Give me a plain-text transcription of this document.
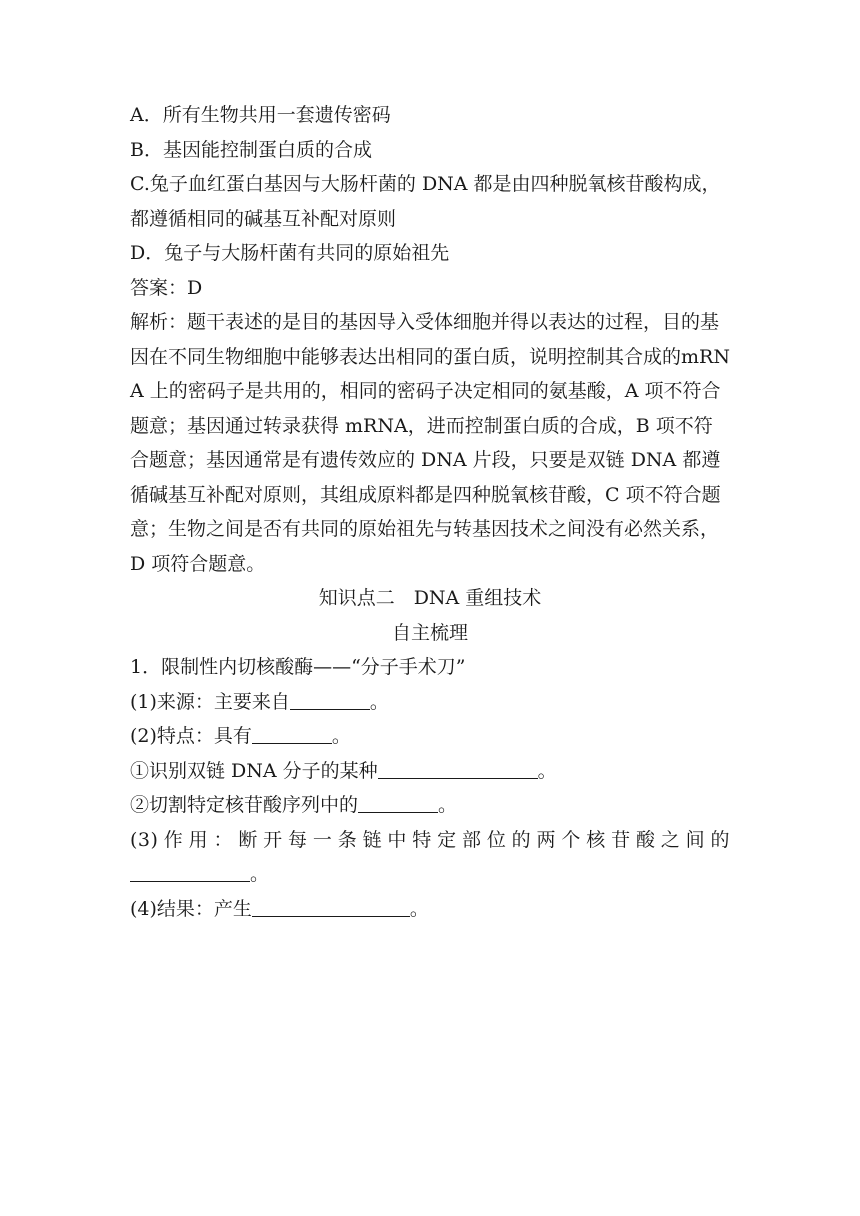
A．所有生物共用一套遗传密码

B．基因能控制蛋白质的合成

C.兔子血红蛋白基因与大肠杆菌的 DNA 都是由四种脱氧核苷酸构成，都遵循相同的碱基互补配对原则

D．兔子与大肠杆菌有共同的原始祖先

答案：D

解析：题干表述的是目的基因导入受体细胞并得以表达的过程，目的基因在不同生物细胞中能够表达出相同的蛋白质，说明控制其合成的mRNA 上的密码子是共用的，相同的密码子决定相同的氨基酸，A 项不符合题意；基因通过转录获得 mRNA，进而控制蛋白质的合成，B 项不符合题意；基因通常是有遗传效应的 DNA 片段，只要是双链 DNA 都遵循碱基互补配对原则，其组成原料都是四种脱氧核苷酸，C 项不符合题意；生物之间是否有共同的原始祖先与转基因技术之间没有必然关系，D 项符合题意。

知识点二　DNA 重组技术

自主梳理

1．限制性内切核酸酶——“分子手术刀”

(1)来源：主要来自	。

(2)特点：具有	。

①识别双链 DNA 分子的某种	。

②切割特定核苷酸序列中的	。

(3)作用：断开每一条链中特定部位的两个核苷酸之间的

。

(4)结果：产生	。
